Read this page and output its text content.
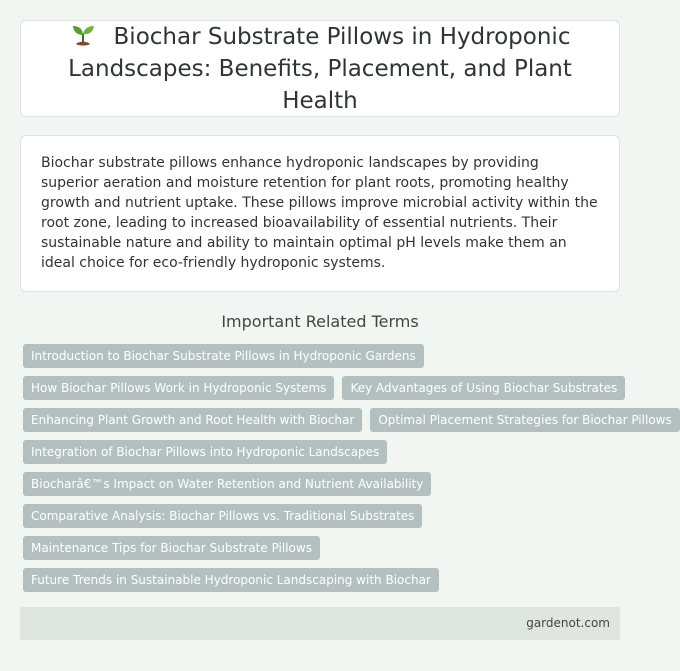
Biochar Substrate Pillows in Hydroponic Landscapes: Benefits, Placement, and Plant Health

Biochar substrate pillows enhance hydroponic landscapes by providing superior aeration and moisture retention for plant roots, promoting healthy growth and nutrient uptake. These pillows improve microbial activity within the root zone, leading to increased bioavailability of essential nutrients. Their sustainable nature and ability to maintain optimal pH levels make them an ideal choice for eco-friendly hydroponic systems.

Important Related Terms
Introduction to Biochar Substrate Pillows in Hydroponic Gardens
How Biochar Pillows Work in Hydroponic Systems	Key Advantages of Using Biochar Substrates
Enhancing Plant Growth and Root Health with Biochar	Optimal Placement Strategies for Biochar Pillows
Integration of Biochar Pillows into Hydroponic Landscapes
Biocharâ€™s Impact on Water Retention and Nutrient Availability
Comparative Analysis: Biochar Pillows vs. Traditional Substrates
Maintenance Tips for Biochar Substrate Pillows
Future Trends in Sustainable Hydroponic Landscaping with Biochar
gardenot.com
